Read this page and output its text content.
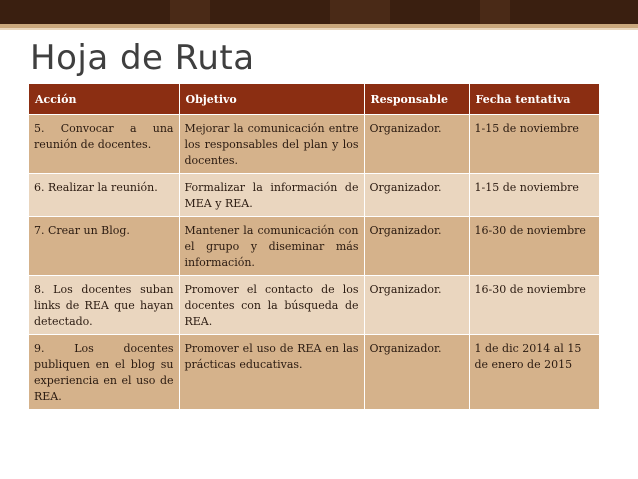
Hoja de Ruta
Acción	Objetivo	Responsable	Fecha tentativa
5. Convocar a una reunión de docentes.	Mejorar la comunicación entre los responsables del plan y los docentes.	Organizador.	1-15 de noviembre
6. Realizar la reunión.	Formalizar la información de MEA y REA.	Organizador.	1-15 de noviembre
7. Crear un Blog.	Mantener la comunicación con el grupo y diseminar más información.	Organizador.	16-30 de noviembre
8. Los docentes suban links de REA que hayan detectado.	Promover el contacto de los docentes con la búsqueda de REA.	Organizador.	16-30 de noviembre
9. Los docentes publiquen en el blog su experiencia en el uso de REA.	Promover el uso de REA en las prácticas educativas.	Organizador.	1 de dic 2014 al 15 de enero de 2015
